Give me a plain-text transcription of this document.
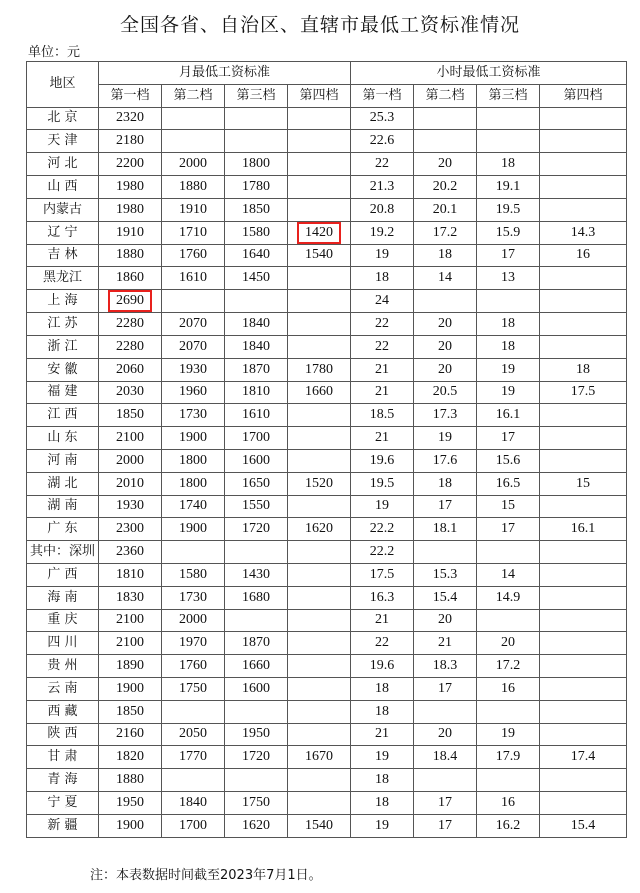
全国各省、自治区、直辖市最低工资标准情况
单位：元
地区	月最低工资标准				小时最低工资标准			
	第一档	第二档	第三档	第四档	第一档	第二档	第三档	第四档
北 京	2320				25.3			
天 津	2180				22.6			
河 北	2200	2000	1800		22	20	18	
山 西	1980	1880	1780		21.3	20.2	19.1	
内蒙古	1980	1910	1850		20.8	20.1	19.5	
辽 宁	1910	1710	1580	1420	19.2	17.2	15.9	14.3
吉 林	1880	1760	1640	1540	19	18	17	16
黑龙江	1860	1610	1450		18	14	13	
上 海	2690				24			
江 苏	2280	2070	1840		22	20	18	
浙 江	2280	2070	1840		22	20	18	
安 徽	2060	1930	1870	1780	21	20	19	18
福 建	2030	1960	1810	1660	21	20.5	19	17.5
江 西	1850	1730	1610		18.5	17.3	16.1	
山 东	2100	1900	1700		21	19	17	
河 南	2000	1800	1600		19.6	17.6	15.6	
湖 北	2010	1800	1650	1520	19.5	18	16.5	15
湖 南	1930	1740	1550		19	17	15	
广 东	2300	1900	1720	1620	22.2	18.1	17	16.1
其中：深圳	2360				22.2			
广 西	1810	1580	1430		17.5	15.3	14	
海 南	1830	1730	1680		16.3	15.4	14.9	
重 庆	2100	2000			21	20		
四 川	2100	1970	1870		22	21	20	
贵 州	1890	1760	1660		19.6	18.3	17.2	
云 南	1900	1750	1600		18	17	16	
西 藏	1850				18			
陕 西	2160	2050	1950		21	20	19	
甘 肃	1820	1770	1720	1670	19	18.4	17.9	17.4
青 海	1880				18			
宁 夏	1950	1840	1750		18	17	16	
新 疆	1900	1700	1620	1540	19	17	16.2	15.4
注：本表数据时间截至2023年7月1日。
